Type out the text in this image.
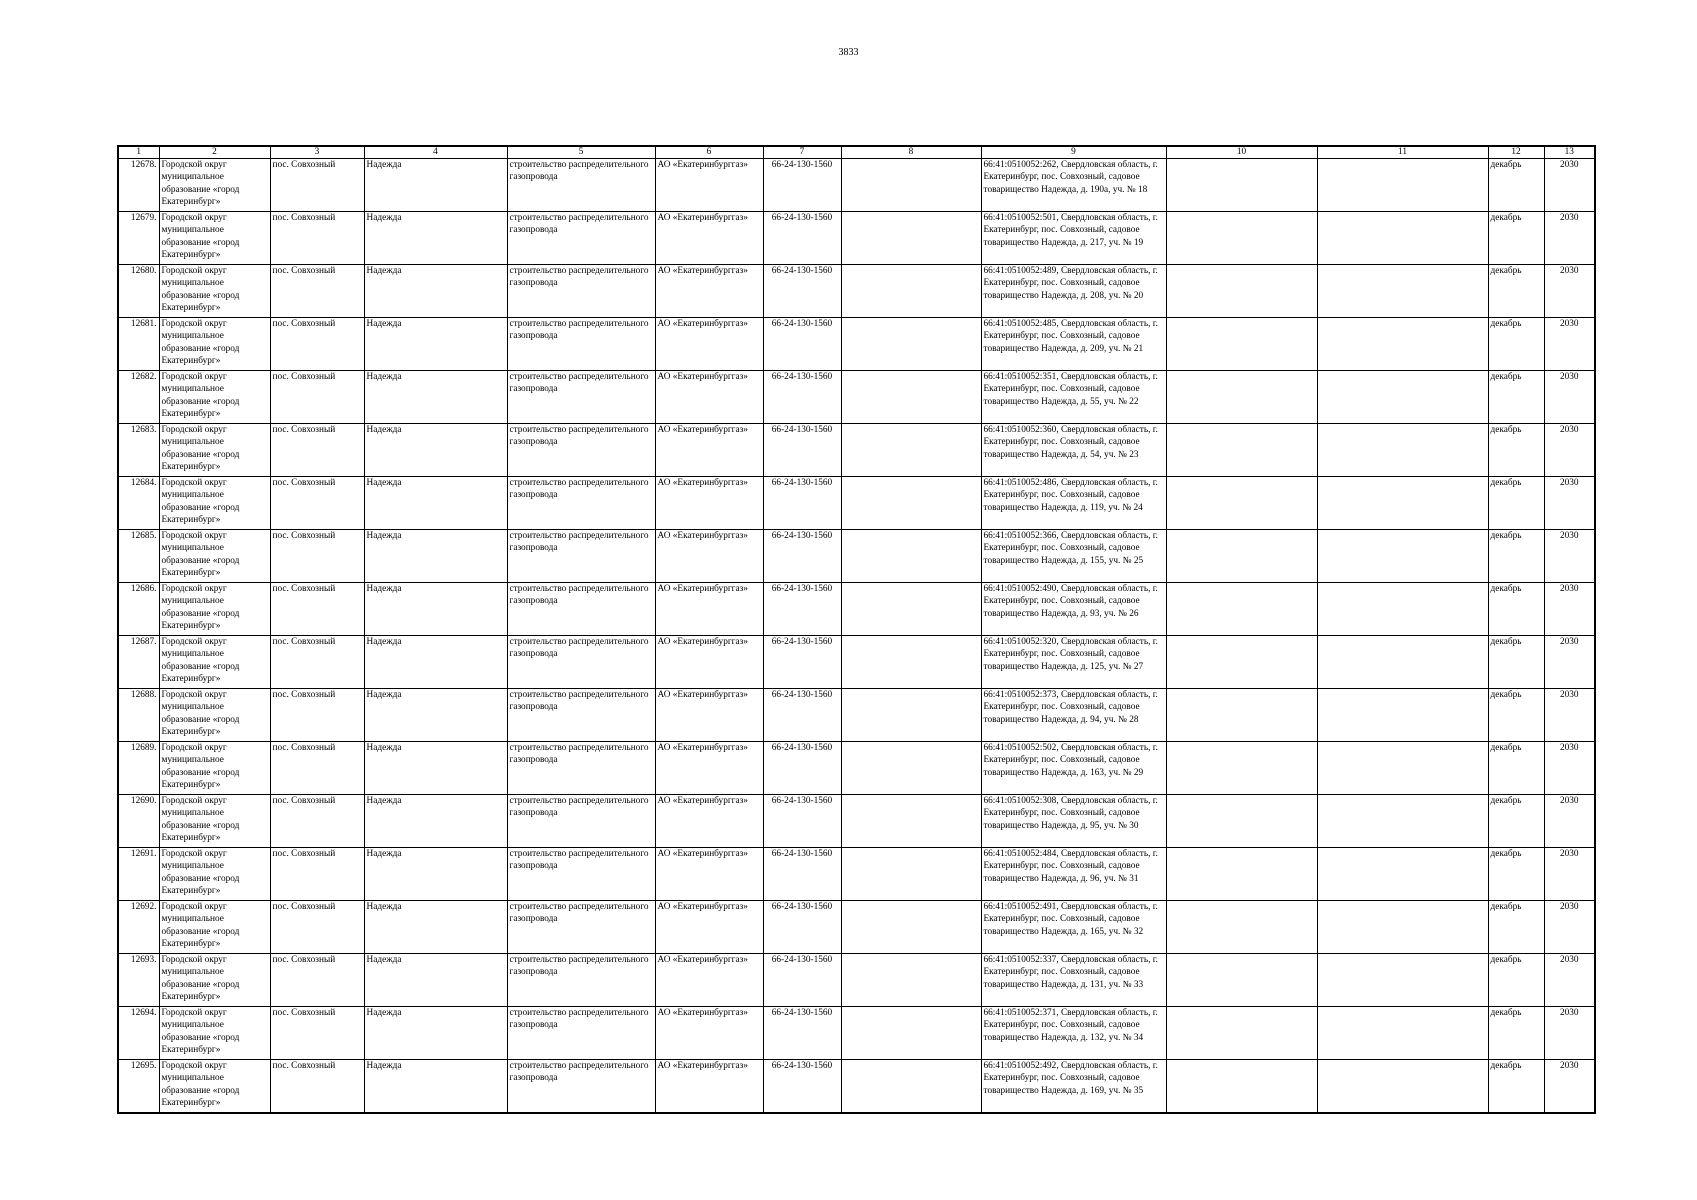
3833
1	2	3	4	5	6	7	8	9	10	11	12	13
12678.	Городской округ муниципальное образование «город Екатеринбург»	пос. Совхозный	Надежда	строительство распределительного газопровода	АО «Екатеринбурггаз»	66-24-130-1560		66:41:0510052:262, Свердловская область, г. Екатеринбург, пос. Совхозный, садовое товарищество Надежда, д. 190а, уч. № 18			декабрь	2030
12679.	Городской округ муниципальное образование «город Екатеринбург»	пос. Совхозный	Надежда	строительство распределительного газопровода	АО «Екатеринбурггаз»	66-24-130-1560		66:41:0510052:501, Свердловская область, г. Екатеринбург, пос. Совхозный, садовое товарищество Надежда, д. 217, уч. № 19			декабрь	2030
12680.	Городской округ муниципальное образование «город Екатеринбург»	пос. Совхозный	Надежда	строительство распределительного газопровода	АО «Екатеринбурггаз»	66-24-130-1560		66:41:0510052:489, Свердловская область, г. Екатеринбург, пос. Совхозный, садовое товарищество Надежда, д. 208, уч. № 20			декабрь	2030
12681.	Городской округ муниципальное образование «город Екатеринбург»	пос. Совхозный	Надежда	строительство распределительного газопровода	АО «Екатеринбурггаз»	66-24-130-1560		66:41:0510052:485, Свердловская область, г. Екатеринбург, пос. Совхозный, садовое товарищество Надежда, д. 209, уч. № 21			декабрь	2030
12682.	Городской округ муниципальное образование «город Екатеринбург»	пос. Совхозный	Надежда	строительство распределительного газопровода	АО «Екатеринбурггаз»	66-24-130-1560		66:41:0510052:351, Свердловская область, г. Екатеринбург, пос. Совхозный, садовое товарищество Надежда, д. 55, уч. № 22			декабрь	2030
12683.	Городской округ муниципальное образование «город Екатеринбург»	пос. Совхозный	Надежда	строительство распределительного газопровода	АО «Екатеринбурггаз»	66-24-130-1560		66:41:0510052:360, Свердловская область, г. Екатеринбург, пос. Совхозный, садовое товарищество Надежда, д. 54, уч. № 23			декабрь	2030
12684.	Городской округ муниципальное образование «город Екатеринбург»	пос. Совхозный	Надежда	строительство распределительного газопровода	АО «Екатеринбурггаз»	66-24-130-1560		66:41:0510052:486, Свердловская область, г. Екатеринбург, пос. Совхозный, садовое товарищество Надежда, д. 119, уч. № 24			декабрь	2030
12685.	Городской округ муниципальное образование «город Екатеринбург»	пос. Совхозный	Надежда	строительство распределительного газопровода	АО «Екатеринбурггаз»	66-24-130-1560		66:41:0510052:366, Свердловская область, г. Екатеринбург, пос. Совхозный, садовое товарищество Надежда, д. 155, уч. № 25			декабрь	2030
12686.	Городской округ муниципальное образование «город Екатеринбург»	пос. Совхозный	Надежда	строительство распределительного газопровода	АО «Екатеринбурггаз»	66-24-130-1560		66:41:0510052:490, Свердловская область, г. Екатеринбург, пос. Совхозный, садовое товарищество Надежда, д. 93, уч. № 26			декабрь	2030
12687.	Городской округ муниципальное образование «город Екатеринбург»	пос. Совхозный	Надежда	строительство распределительного газопровода	АО «Екатеринбурггаз»	66-24-130-1560		66:41:0510052:320, Свердловская область, г. Екатеринбург, пос. Совхозный, садовое товарищество Надежда, д. 125, уч. № 27			декабрь	2030
12688.	Городской округ муниципальное образование «город Екатеринбург»	пос. Совхозный	Надежда	строительство распределительного газопровода	АО «Екатеринбурггаз»	66-24-130-1560		66:41:0510052:373, Свердловская область, г. Екатеринбург, пос. Совхозный, садовое товарищество Надежда, д. 94, уч. № 28			декабрь	2030
12689.	Городской округ муниципальное образование «город Екатеринбург»	пос. Совхозный	Надежда	строительство распределительного газопровода	АО «Екатеринбурггаз»	66-24-130-1560		66:41:0510052:502, Свердловская область, г. Екатеринбург, пос. Совхозный, садовое товарищество Надежда, д. 163, уч. № 29			декабрь	2030
12690.	Городской округ муниципальное образование «город Екатеринбург»	пос. Совхозный	Надежда	строительство распределительного газопровода	АО «Екатеринбурггаз»	66-24-130-1560		66:41:0510052:308, Свердловская область, г. Екатеринбург, пос. Совхозный, садовое товарищество Надежда, д. 95, уч. № 30			декабрь	2030
12691.	Городской округ муниципальное образование «город Екатеринбург»	пос. Совхозный	Надежда	строительство распределительного газопровода	АО «Екатеринбурггаз»	66-24-130-1560		66:41:0510052:484, Свердловская область, г. Екатеринбург, пос. Совхозный, садовое товарищество Надежда, д. 96, уч. № 31			декабрь	2030
12692.	Городской округ муниципальное образование «город Екатеринбург»	пос. Совхозный	Надежда	строительство распределительного газопровода	АО «Екатеринбурггаз»	66-24-130-1560		66:41:0510052:491, Свердловская область, г. Екатеринбург, пос. Совхозный, садовое товарищество Надежда, д. 165, уч. № 32			декабрь	2030
12693.	Городской округ муниципальное образование «город Екатеринбург»	пос. Совхозный	Надежда	строительство распределительного газопровода	АО «Екатеринбурггаз»	66-24-130-1560		66:41:0510052:337, Свердловская область, г. Екатеринбург, пос. Совхозный, садовое товарищество Надежда, д. 131, уч. № 33			декабрь	2030
12694.	Городской округ муниципальное образование «город Екатеринбург»	пос. Совхозный	Надежда	строительство распределительного газопровода	АО «Екатеринбурггаз»	66-24-130-1560		66:41:0510052:371, Свердловская область, г. Екатеринбург, пос. Совхозный, садовое товарищество Надежда, д. 132, уч. № 34			декабрь	2030
12695.	Городской округ муниципальное образование «город Екатеринбург»	пос. Совхозный	Надежда	строительство распределительного газопровода	АО «Екатеринбурггаз»	66-24-130-1560		66:41:0510052:492, Свердловская область, г. Екатеринбург, пос. Совхозный, садовое товарищество Надежда, д. 169, уч. № 35			декабрь	2030
